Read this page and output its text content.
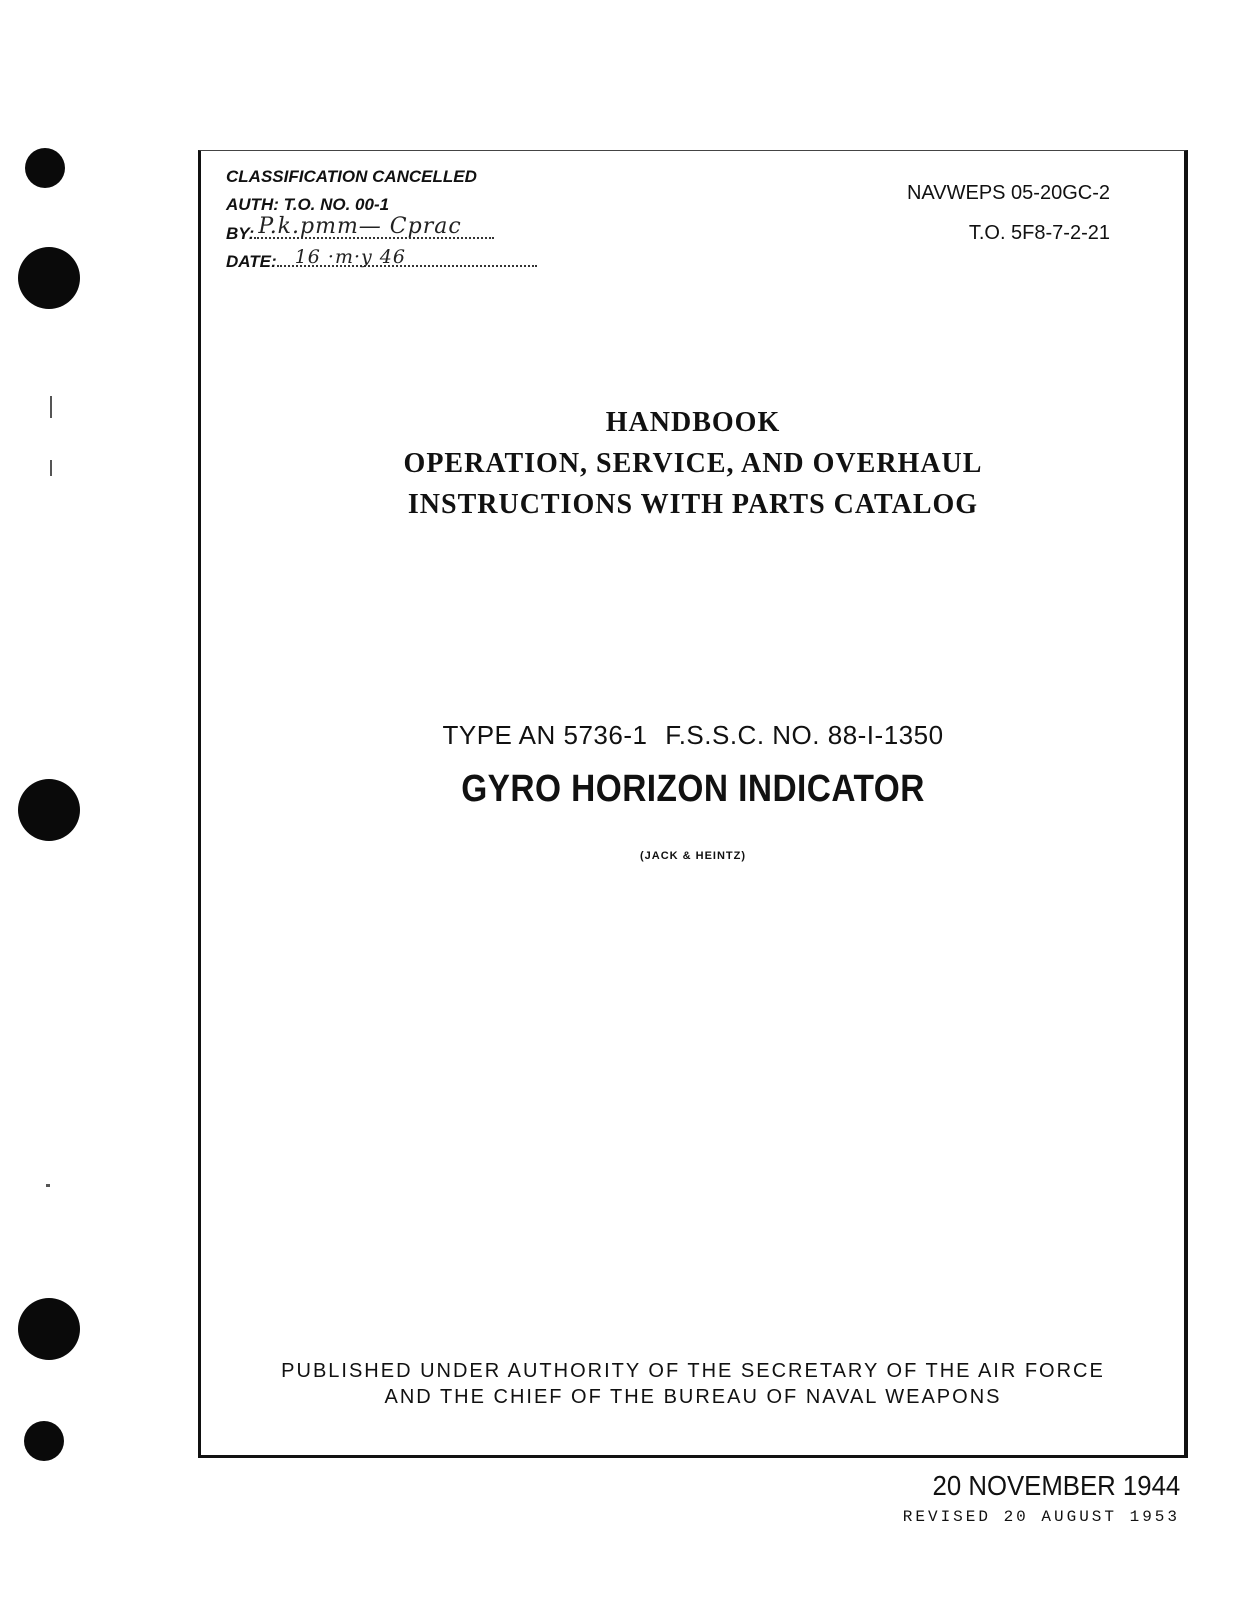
CLASSIFICATION CANCELLED
AUTH: T.O. NO. 00-1
BY: P.k.pmm— Cprac
DATE: 16 ·m·y 46
NAVWEPS 05-20GC-2
T.O. 5F8-7-2-21
HANDBOOK
OPERATION, SERVICE, AND OVERHAUL
INSTRUCTIONS WITH PARTS CATALOG
TYPE AN 5736-1 F.S.S.C. NO. 88-I-1350
GYRO HORIZON INDICATOR
(JACK & HEINTZ)
PUBLISHED UNDER AUTHORITY OF THE SECRETARY OF THE AIR FORCE
AND THE CHIEF OF THE BUREAU OF NAVAL WEAPONS
20 NOVEMBER 1944
REVISED 20 AUGUST 1953
